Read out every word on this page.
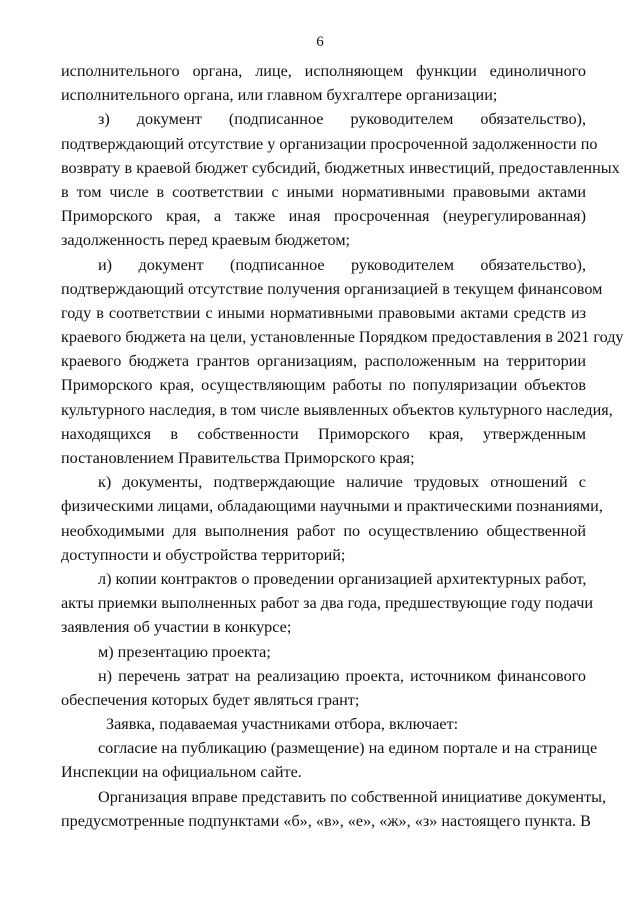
6
исполнительного органа, лице, исполняющем функции единоличного
исполнительного органа, или главном бухгалтере организации;
з) документ (подписанное руководителем обязательство),
подтверждающий отсутствие у организации просроченной задолженности по
возврату в краевой бюджет субсидий, бюджетных инвестиций, предоставленных
в том числе в соответствии с иными нормативными правовыми актами
Приморского края, а также иная просроченная (неурегулированная)
задолженность перед краевым бюджетом;
и) документ (подписанное руководителем обязательство),
подтверждающий отсутствие получения организацией в текущем финансовом
году в соответствии с иными нормативными правовыми актами средств из
краевого бюджета на цели, установленные Порядком предоставления в 2021 году
краевого бюджета грантов организациям, расположенным на территории
Приморского края, осуществляющим работы по популяризации объектов
культурного наследия, в том числе выявленных объектов культурного наследия,
находящихся в собственности Приморского края, утвержденным
постановлением Правительства Приморского края;
к) документы, подтверждающие наличие трудовых отношений с
физическими лицами, обладающими научными и практическими познаниями,
необходимыми для выполнения работ по осуществлению общественной
доступности и обустройства территорий;
л) копии контрактов о проведении организацией архитектурных работ,
акты приемки выполненных работ за два года, предшествующие году подачи
заявления об участии в конкурсе;
м) презентацию проекта;
н) перечень затрат на реализацию проекта, источником финансового
обеспечения которых будет являться грант;
Заявка, подаваемая участниками отбора, включает:
согласие на публикацию (размещение) на едином портале и на странице
Инспекции на официальном сайте.
Организация вправе представить по собственной инициативе документы,
предусмотренные подпунктами «б», «в», «е», «ж», «з» настоящего пункта. В
